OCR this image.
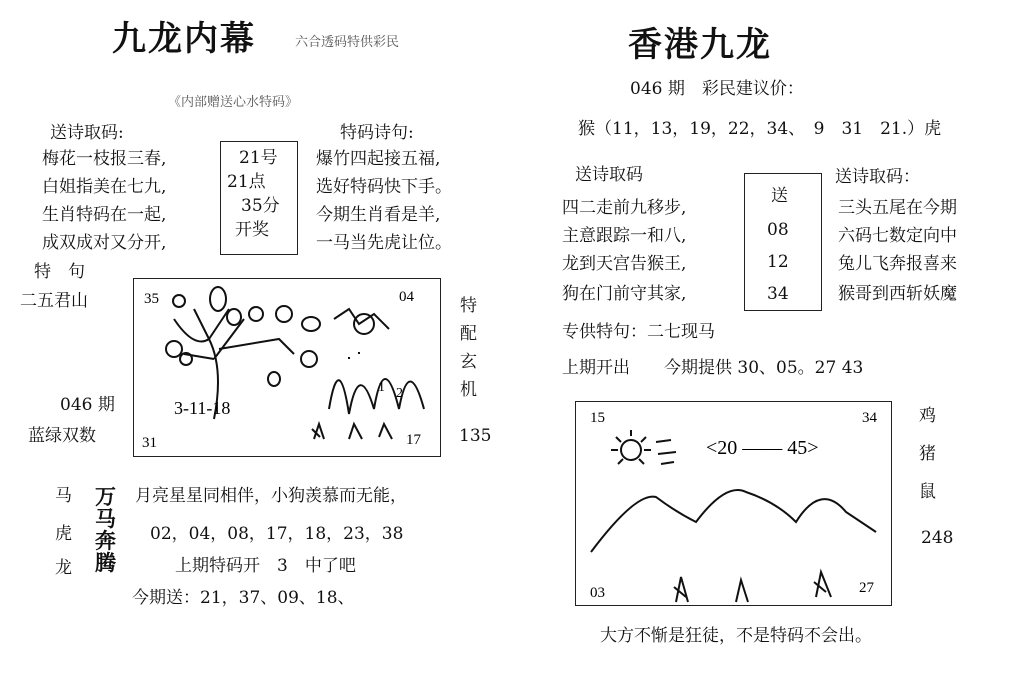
九龙内幕	六合透码特供彩民
《内部赠送心水特码》
送诗取码:	特码诗句:
梅花一枝报三春,
白姐指美在七九,
生肖特码在一起,
成双成对又分开,
21号
21点
35分
开奖
爆竹四起接五福,
选好特码快下手。
今期生肖看是羊,
一马当先虎让位。
特　句
二五君山
046 期
蓝绿双数
35	04
31	17
3-11-18
1 2
特
配
玄
机
135
马
虎
龙
万
马
奔
腾
月亮星星同相伴，小狗羡慕而无能，
02，04，08，17，18，23，38
上期特码开　3　中了吧
今期送：21，37、09、18、
香港九龙
046 期　彩民建议价：
猴（11，13，19，22，34、　9　31　21.）虎
送诗取码	送诗取码：
四二走前九移步,
主意跟踪一和八,
龙到天宫告猴王,
狗在门前守其家,
送
08
12
34
三头五尾在今期
六码七数定向中
兔儿飞奔报喜来
猴哥到西斩妖魔
专供特句：二七现马
上期开出　　今期提供 30、05。27 43
15	34
03	27
<20 —— 45>
鸡
猪
鼠
248
大方不惭是狂徒，不是特码不会出。
